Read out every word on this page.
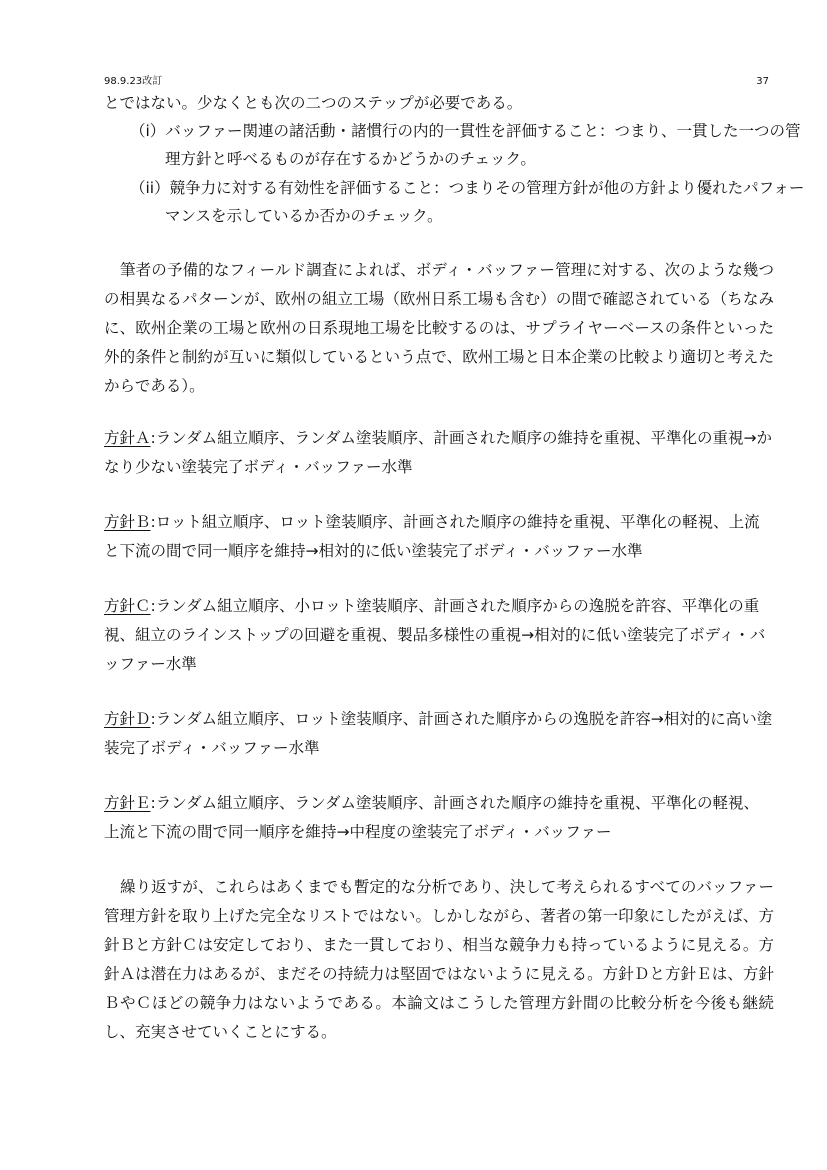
98.9.23改訂	37

とではない。少なくとも次の二つのステップが必要である。

（i）バッファー関連の諸活動・諸慣行の内的一貫性を評価すること：つまり、一貫した一つの管理方針と呼べるものが存在するかどうかのチェック。

（ii）競争力に対する有効性を評価すること：つまりその管理方針が他の方針より優れたパフォーマンスを示しているか否かのチェック。

筆者の予備的なフィールド調査によれば、ボディ・バッファー管理に対する、次のような幾つの相異なるパターンが、欧州の組立工場（欧州日系工場も含む）の間で確認されている（ちなみに、欧州企業の工場と欧州の日系現地工場を比較するのは、サプライヤーベースの条件といった外的条件と制約が互いに類似しているという点で、欧州工場と日本企業の比較より適切と考えたからである）。

方針Ａ:ランダム組立順序、ランダム塗装順序、計画された順序の維持を重視、平準化の重視→かなり少ない塗装完了ボディ・バッファー水準

方針Ｂ:ロット組立順序、ロット塗装順序、計画された順序の維持を重視、平準化の軽視、上流と下流の間で同一順序を維持→相対的に低い塗装完了ボディ・バッファー水準

方針Ｃ:ランダム組立順序、小ロット塗装順序、計画された順序からの逸脱を許容、平準化の重視、組立のラインストップの回避を重視、製品多様性の重視→相対的に低い塗装完了ボディ・バッファー水準

方針Ｄ:ランダム組立順序、ロット塗装順序、計画された順序からの逸脱を許容→相対的に高い塗装完了ボディ・バッファー水準

方針Ｅ:ランダム組立順序、ランダム塗装順序、計画された順序の維持を重視、平準化の軽視、上流と下流の間で同一順序を維持→中程度の塗装完了ボディ・バッファー

繰り返すが、これらはあくまでも暫定的な分析であり、決して考えられるすべてのバッファー管理方針を取り上げた完全なリストではない。しかしながら、著者の第一印象にしたがえば、方針Ｂと方針Ｃは安定しており、また一貫しており、相当な競争力も持っているように見える。方針Ａは潜在力はあるが、まだその持続力は堅固ではないように見える。方針Ｄと方針Ｅは、方針ＢやＣほどの競争力はないようである。本論文はこうした管理方針間の比較分析を今後も継続し、充実させていくことにする。
